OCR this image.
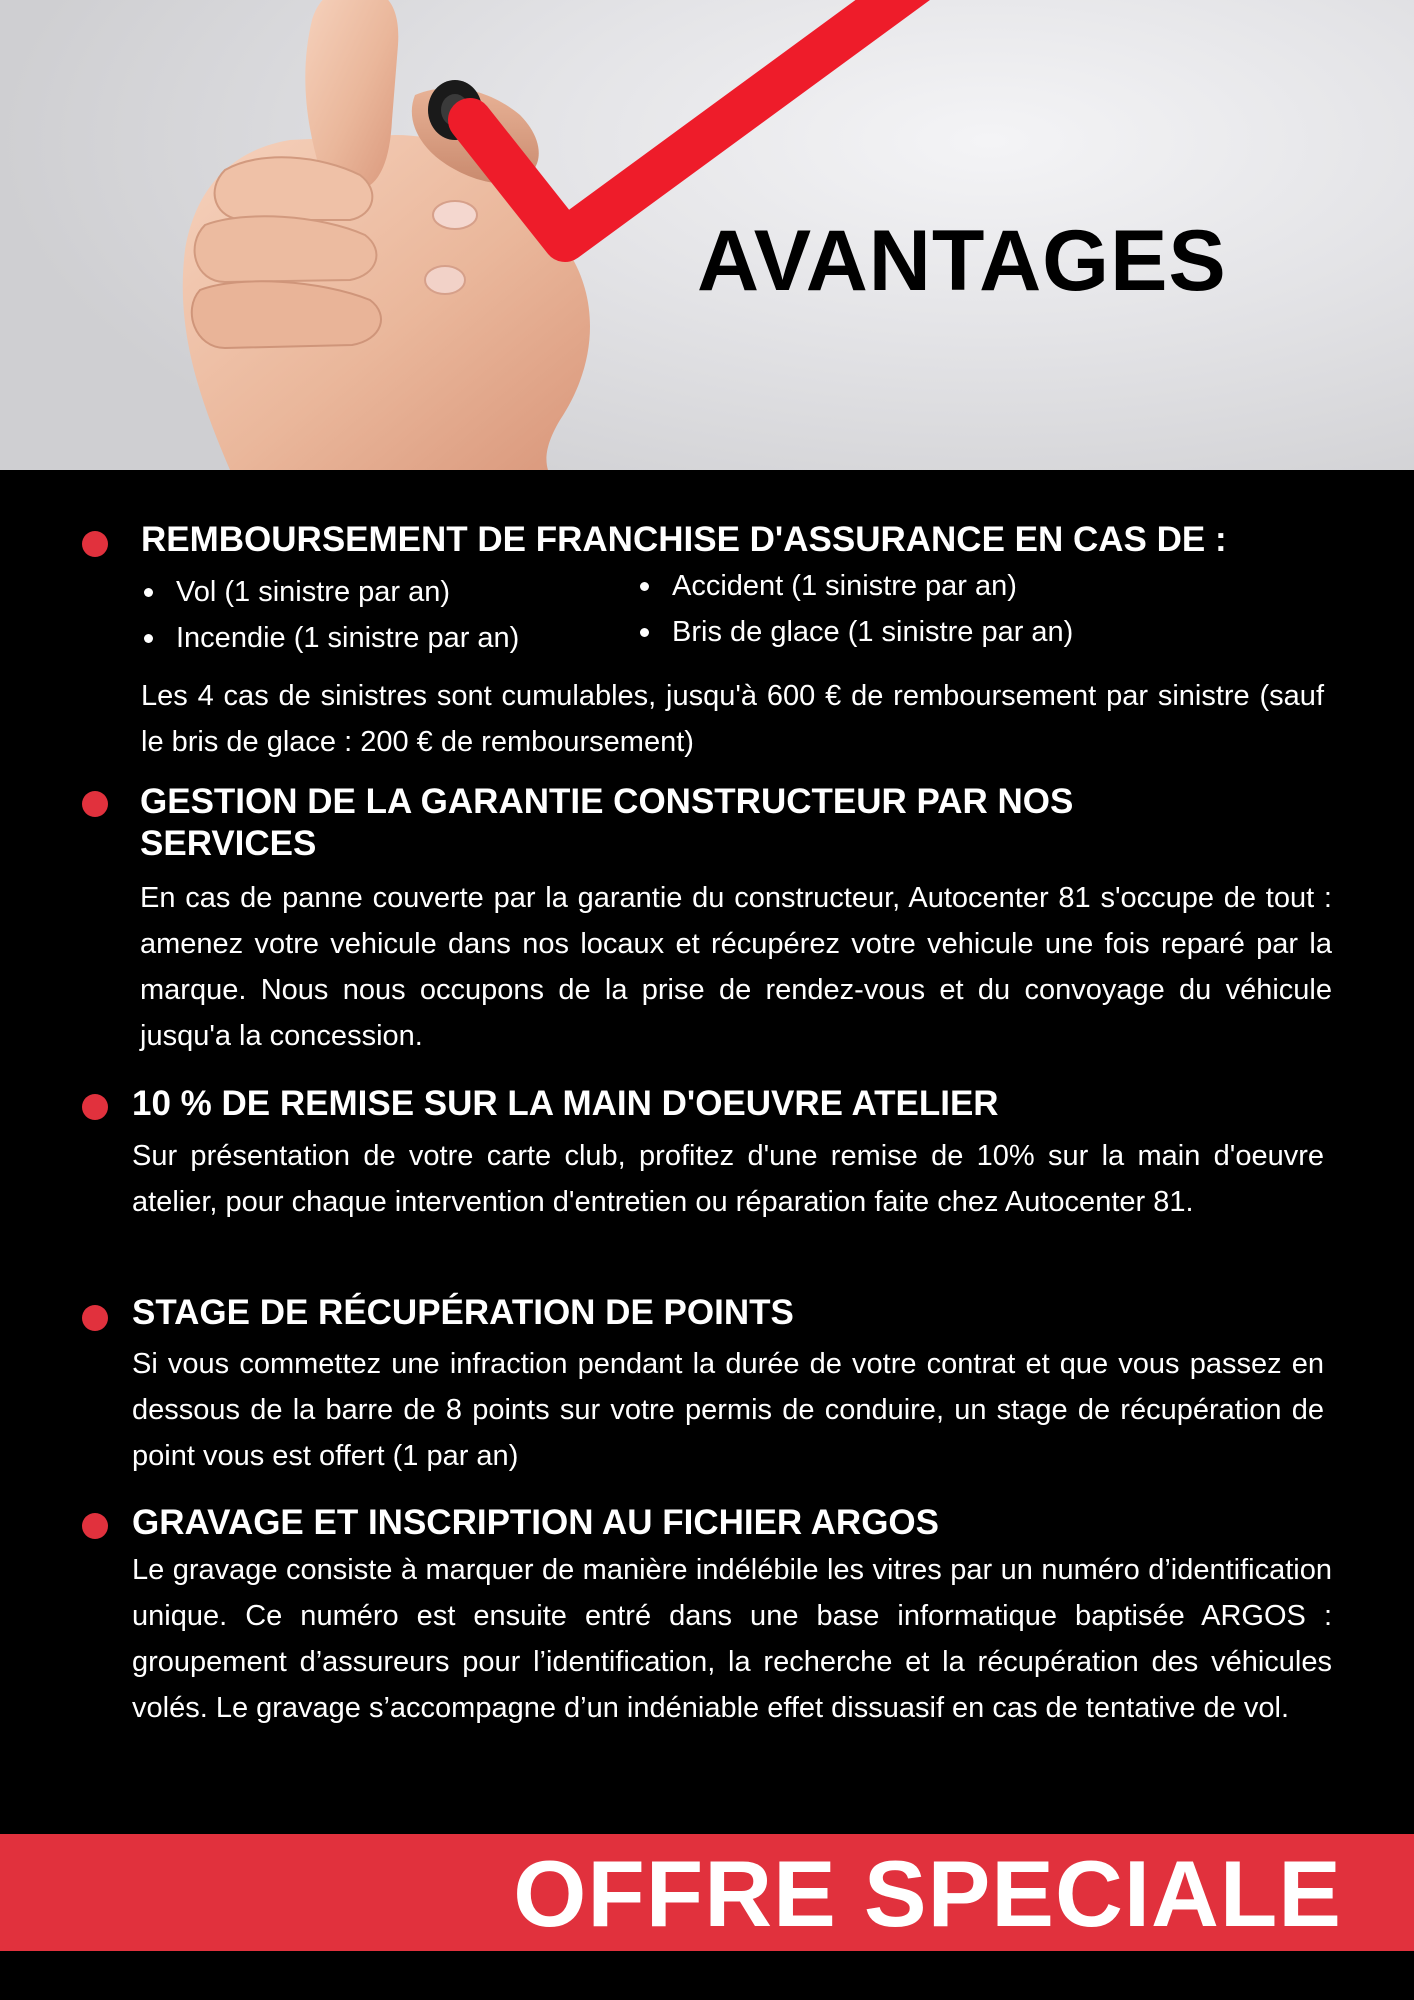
AVANTAGES
REMBOURSEMENT DE FRANCHISE D'ASSURANCE EN CAS DE :
Vol (1 sinistre par an)
Incendie (1 sinistre par an)
Accident (1 sinistre par an)
Bris de glace (1 sinistre par an)

Les 4 cas de sinistres sont cumulables, jusqu'à 600 € de remboursement par sinistre (sauf le bris de glace : 200 € de remboursement)

GESTION DE LA GARANTIE CONSTRUCTEUR PAR NOS
SERVICES

En cas de panne couverte par la garantie du constructeur, Autocenter 81 s'occupe de tout : amenez votre vehicule dans nos locaux et récupérez votre vehicule une fois reparé par la marque. Nous nous occupons de la prise de rendez-vous et du convoyage du véhicule jusqu'a la concession.

10 % DE REMISE SUR LA MAIN D'OEUVRE ATELIER

Sur présentation de votre carte club, profitez d'une remise de 10% sur la main d'oeuvre atelier, pour chaque intervention d'entretien ou réparation faite chez Autocenter 81.

STAGE DE RÉCUPÉRATION DE POINTS

Si vous commettez une infraction pendant la durée de votre contrat et que vous passez en dessous de la barre de 8 points sur votre permis de conduire, un stage de récupération de point vous est offert (1 par an)

GRAVAGE ET INSCRIPTION AU FICHIER ARGOS

Le gravage consiste à marquer de manière indélébile les vitres par un numéro d’identification unique. Ce numéro est ensuite entré dans une base informatique baptisée ARGOS : groupement d’assureurs pour l’identification, la recherche et la récupération des véhicules volés. Le gravage s’accompagne d’un indéniable effet dissuasif en cas de tentative de vol.

OFFRE SPECIALE
